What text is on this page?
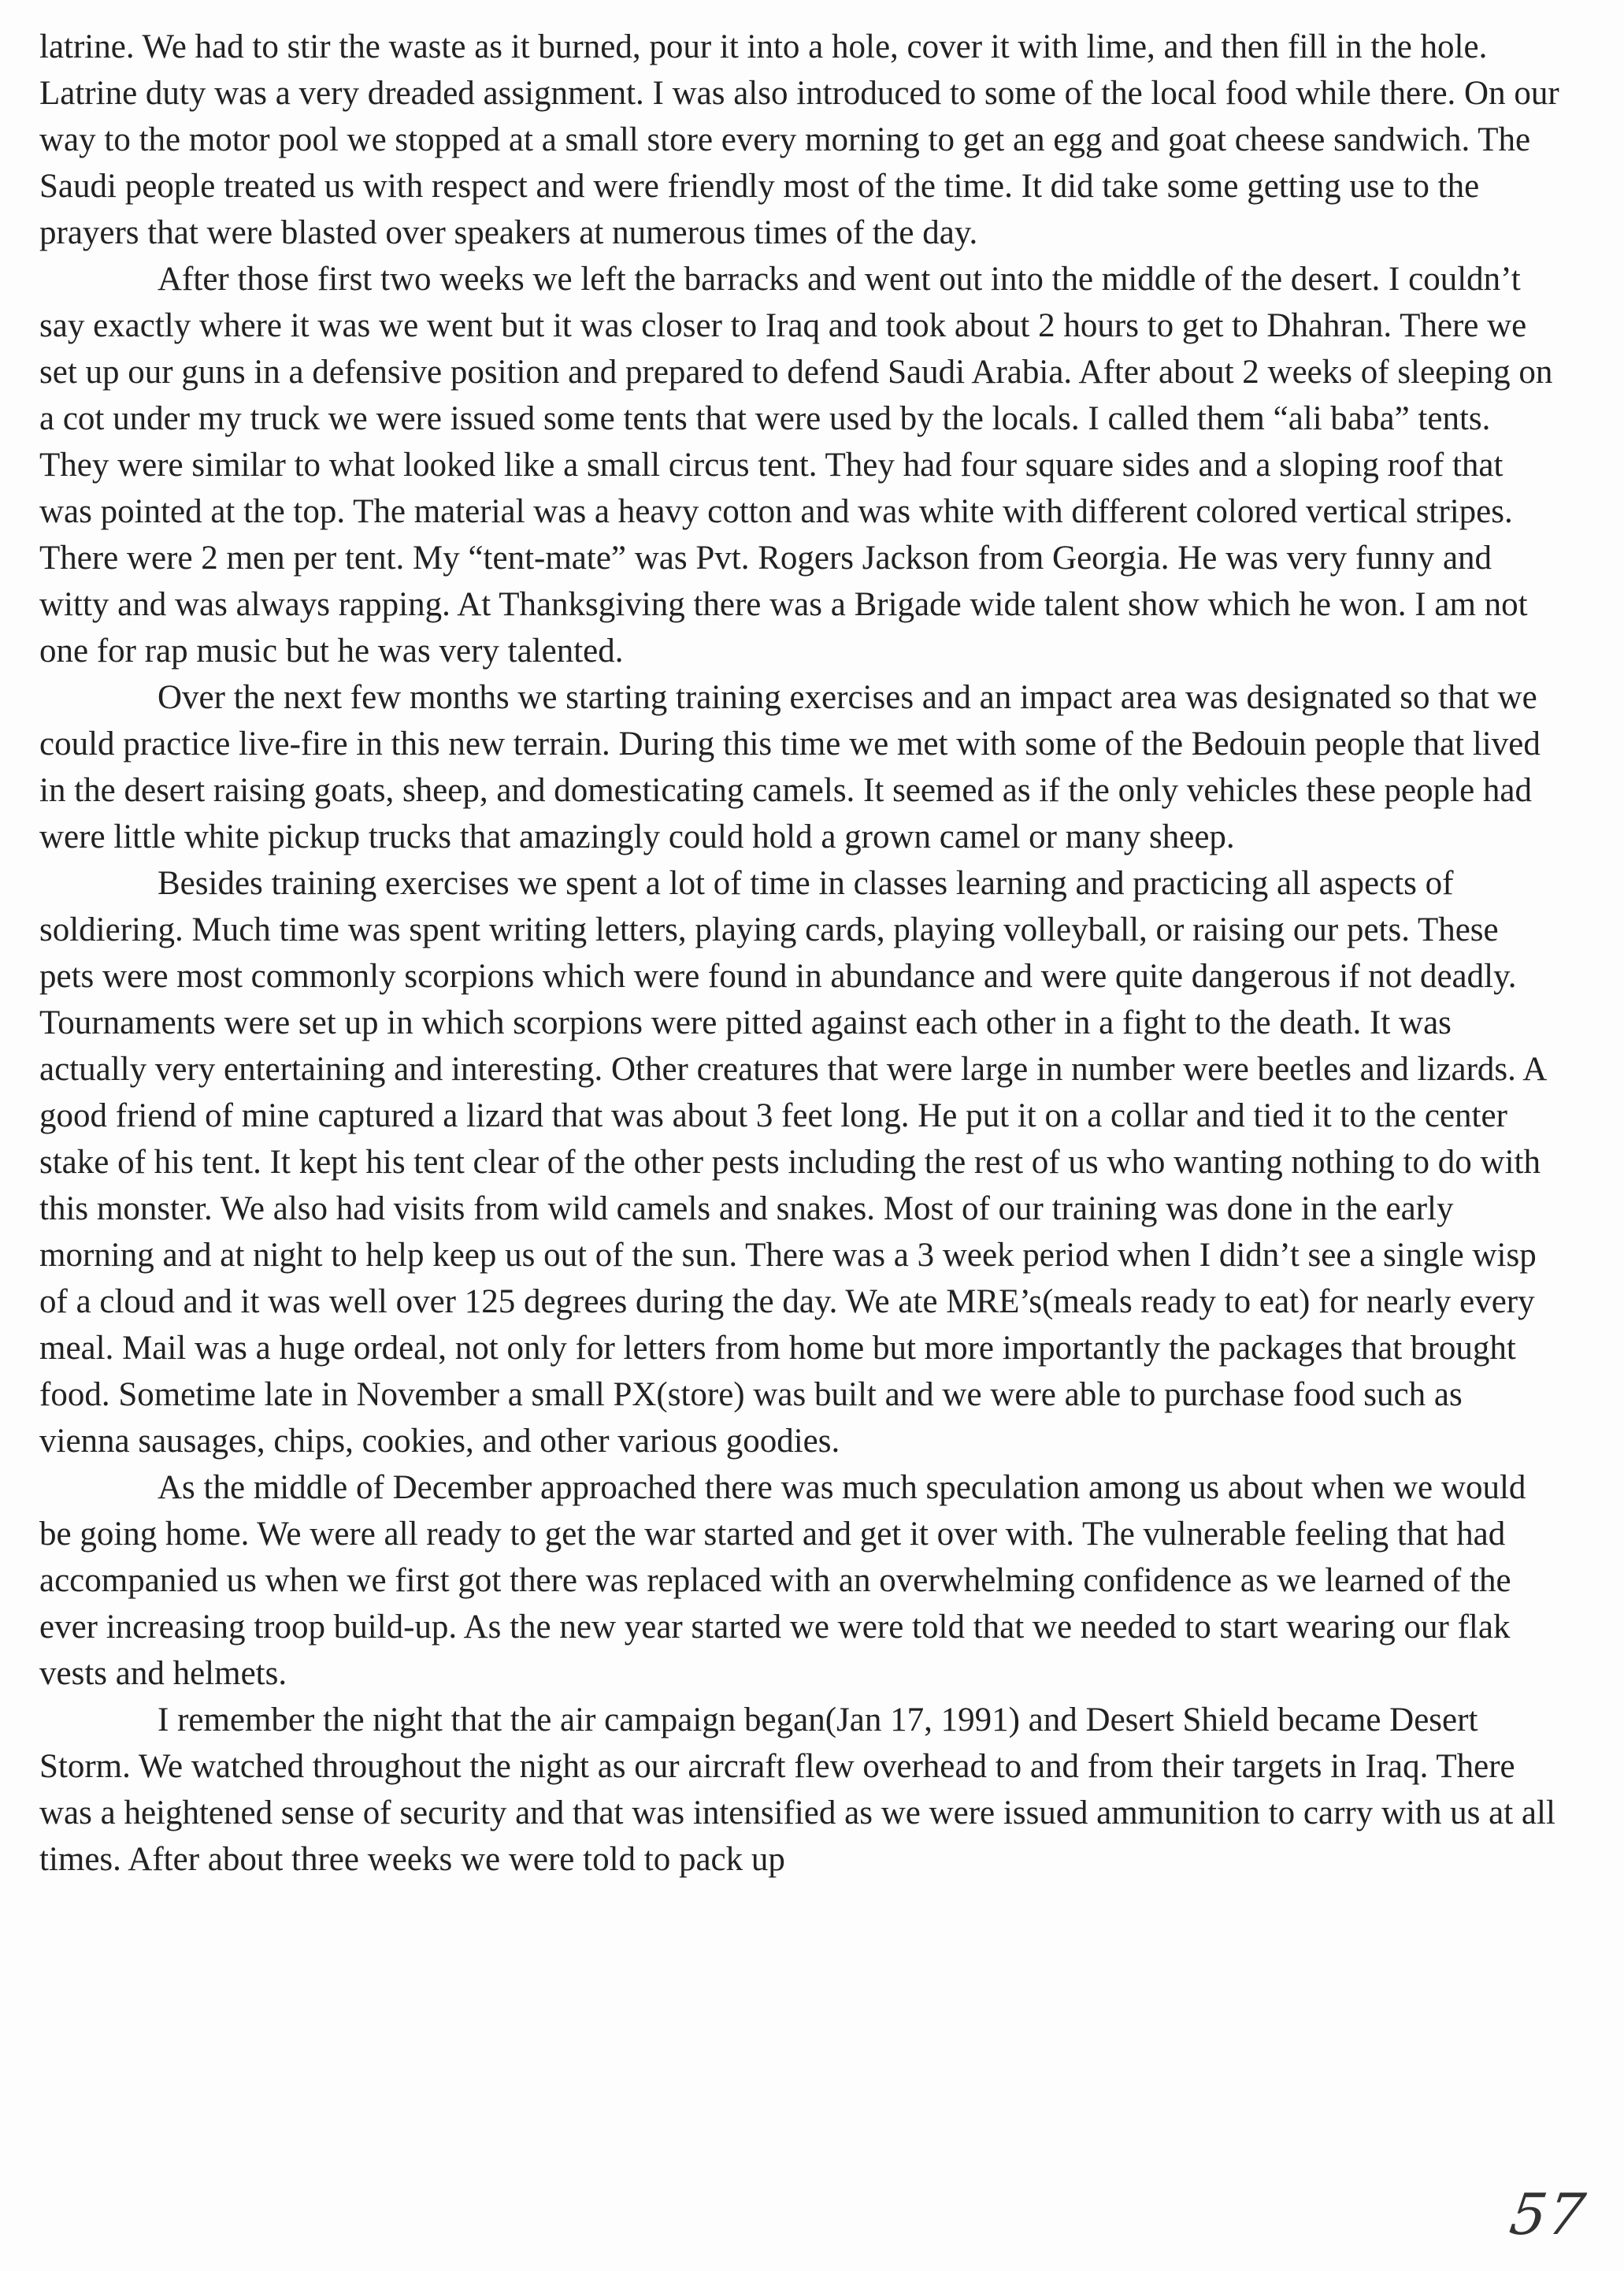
latrine. We had to stir the waste as it burned, pour it into a hole, cover it with lime, and then fill in the hole. Latrine duty was a very dreaded assignment. I was also introduced to some of the local food while there. On our way to the motor pool we stopped at a small store every morning to get an egg and goat cheese sandwich. The Saudi people treated us with respect and were friendly most of the time. It did take some getting use to the prayers that were blasted over speakers at numerous times of the day.

After those first two weeks we left the barracks and went out into the middle of the desert. I couldn’t say exactly where it was we went but it was closer to Iraq and took about 2 hours to get to Dhahran. There we set up our guns in a defensive position and prepared to defend Saudi Arabia. After about 2 weeks of sleeping on a cot under my truck we were issued some tents that were used by the locals. I called them “ali baba” tents. They were similar to what looked like a small circus tent. They had four square sides and a sloping roof that was pointed at the top. The material was a heavy cotton and was white with different colored vertical stripes. There were 2 men per tent. My “tent-mate” was Pvt. Rogers Jackson from Georgia. He was very funny and witty and was always rapping. At Thanksgiving there was a Brigade wide talent show which he won. I am not one for rap music but he was very talented.

Over the next few months we starting training exercises and an impact area was designated so that we could practice live-fire in this new terrain. During this time we met with some of the Bedouin people that lived in the desert raising goats, sheep, and domesticating camels. It seemed as if the only vehicles these people had were little white pickup trucks that amazingly could hold a grown camel or many sheep.

Besides training exercises we spent a lot of time in classes learning and practicing all aspects of soldiering. Much time was spent writing letters, playing cards, playing volleyball, or raising our pets. These pets were most commonly scorpions which were found in abundance and were quite dangerous if not deadly. Tournaments were set up in which scorpions were pitted against each other in a fight to the death. It was actually very entertaining and interesting. Other creatures that were large in number were beetles and lizards. A good friend of mine captured a lizard that was about 3 feet long. He put it on a collar and tied it to the center stake of his tent. It kept his tent clear of the other pests including the rest of us who wanting nothing to do with this monster. We also had visits from wild camels and snakes. Most of our training was done in the early morning and at night to help keep us out of the sun. There was a 3 week period when I didn’t see a single wisp of a cloud and it was well over 125 degrees during the day. We ate MRE’s(meals ready to eat) for nearly every meal. Mail was a huge ordeal, not only for letters from home but more importantly the packages that brought food. Sometime late in November a small PX(store) was built and we were able to purchase food such as vienna sausages, chips, cookies, and other various goodies.

As the middle of December approached there was much speculation among us about when we would be going home. We were all ready to get the war started and get it over with. The vulnerable feeling that had accompanied us when we first got there was replaced with an overwhelming confidence as we learned of the ever increasing troop build-up. As the new year started we were told that we needed to start wearing our flak vests and helmets.

I remember the night that the air campaign began(Jan 17, 1991) and Desert Shield became Desert Storm. We watched throughout the night as our aircraft flew overhead to and from their targets in Iraq. There was a heightened sense of security and that was intensified as we were issued ammunition to carry with us at all times. After about three weeks we were told to pack up

57
